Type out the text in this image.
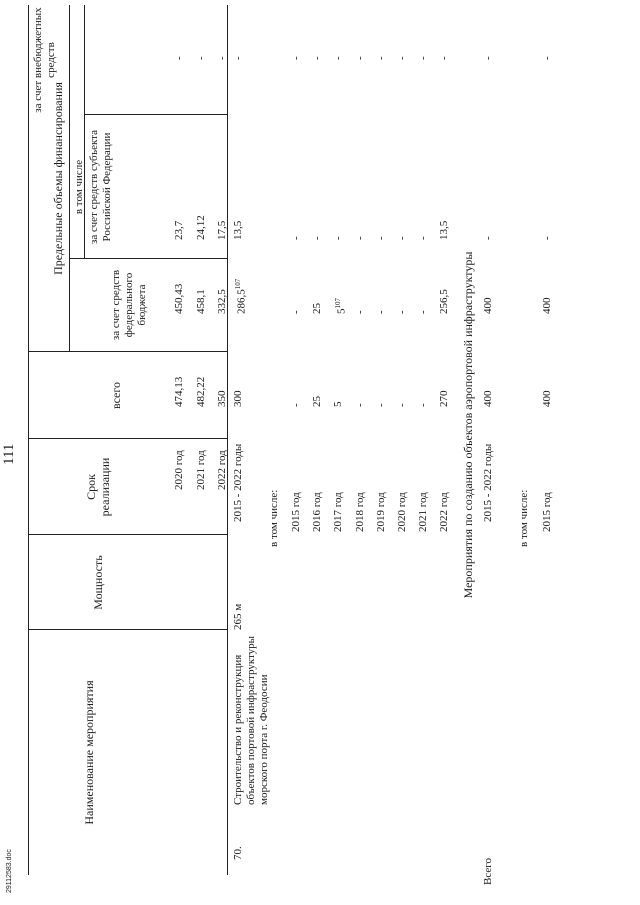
111
29112583.doc
Наименование мероприятия
Мощность
Срок реализации
Предельные объемы финансирования
всего
в том числе
за счет средств федерального бюджета
за счет средств субъекта Российской Федерации
за счет внебюджетных средств
2020 год
474,13
450,43
23,7
-
2021 год
482,22
458,1
24,12
-
2022 год
350
332,5
17,5
-
70.
Строительство и реконструкция объектов портовой инфраструктуры морского порта г. Феодосии
265 м
2015 - 2022 годы
300
286,5$^{107}$
13,5
-
в том числе: 2015 год
-
-
-
-
2016 год
25
25
-
-
2017 год
5
$5^{107}$
-
-
2018 год
-
-
-
-
2019 год
-
-
-
-
2020 год
-
-
-
-
2021 год
-
-
-
-
2022 год
270
256,5
13,5
-
Мероприятия по созданию объектов аэропортовой инфраструктуры
Всего
2015 - 2022 годы
400
400
-
-
в том числе: 2015 год
400
400
-
-
